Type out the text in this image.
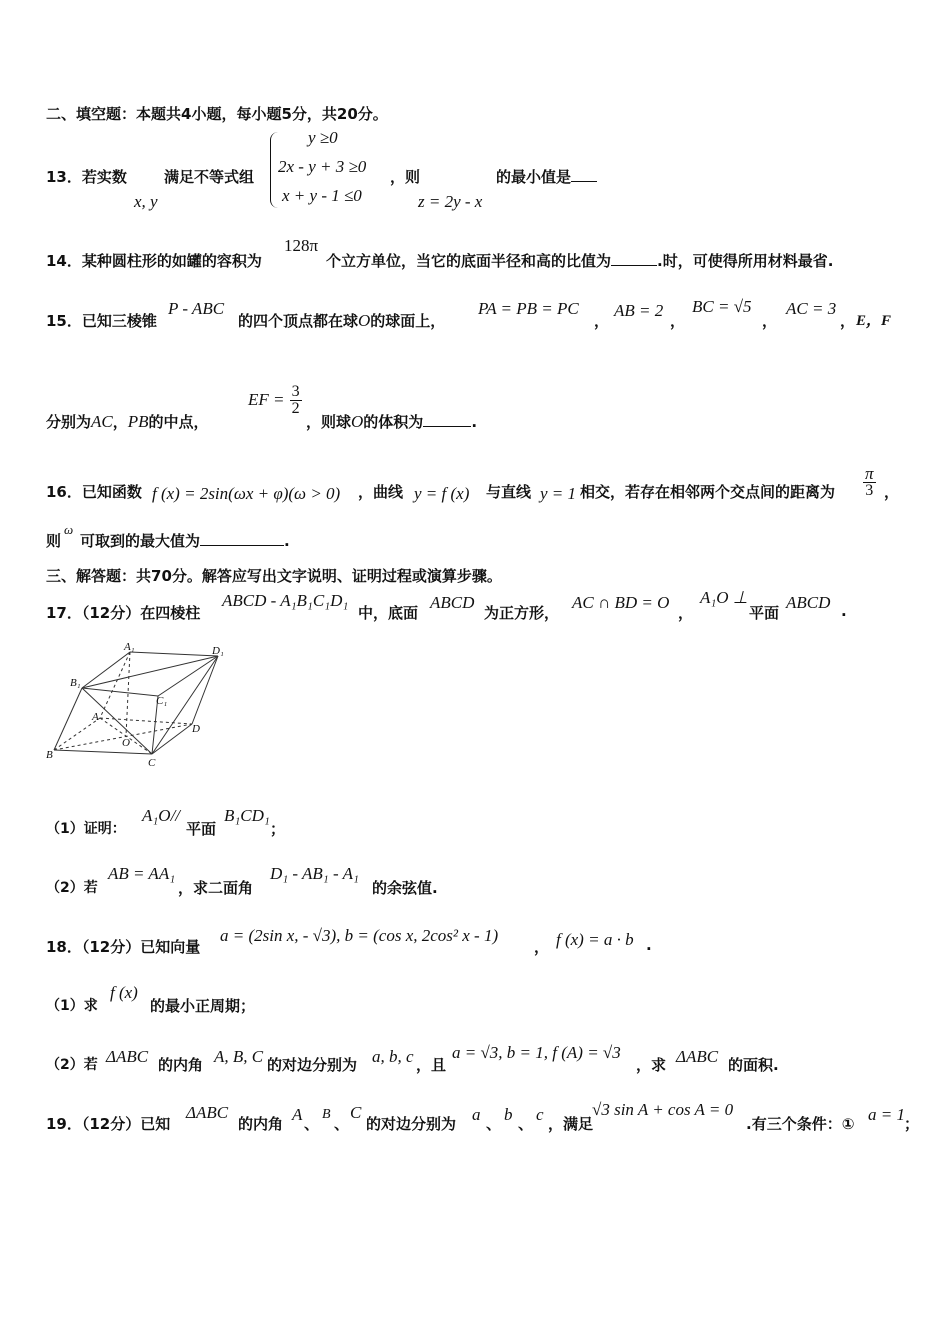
二、填空题：本题共4小题，每小题5分，共20分。
13．若实数
x, y
满足不等式组
y ≥0
2x - y + 3 ≥0
x + y - 1 ≤0
，则
z = 2y - x
的最小值是
14．某种圆柱形的如罐的容积为
128π
个立方单位，当它的底面半径和高的比值为	.时，可使得所用材料最省.
15．已知三棱锥
P - ABC
的四个顶点都在球O的球面上，
PA = PB = PC
，
AB = 2
，
BC = √5
，
AC = 3
， E，F
分别为AC，PB的中点，
EF = $\frac{3}{2}$
，则球O的体积为	.
16．已知函数 f (x) = 2sin(ωx + φ)(ω > 0) ，曲线 y = f (x) 与直线 y = 1 相交，若存在相邻两个交点间的距离为 $\frac{\pi}{3}$ ，
则
ω
可取到的最大值为	.
三、解答题：共70分。解答应写出文字说明、证明过程或演算步骤。
17．（12分）在四棱柱
ABCD - A₁B₁C₁D₁
中，底面
ABCD
为正方形，
AC ∩ BD = O
，
A₁O ⊥
平面
ABCD .
A₁	D₁
B₁
C₁
A
D
O
B
C
（1）证明：
A₁O//
平面
B₁CD₁
；
（2）若
AB = AA₁
，求二面角
D₁ - AB₁ - A₁
的余弦值.
18．（12分）已知向量
a = (2sin x, - √3), b = (cos x, 2cos² x - 1)
， f (x) = a · b .
（1）求
f (x)
的最小正周期；
（2）若 ΔABC 的内角 A, B, C 的对边分别为 a, b, c ，且
a = √3, b = 1, f (A) = √3
，求 ΔABC 的面积.
19．（12分）已知
ΔABC
的内角 A 、
B
、
C
的对边分别为 a 、 b 、 c ，满足
√3 sin A + cos A = 0
.有三个条件：① a = 1 ；
